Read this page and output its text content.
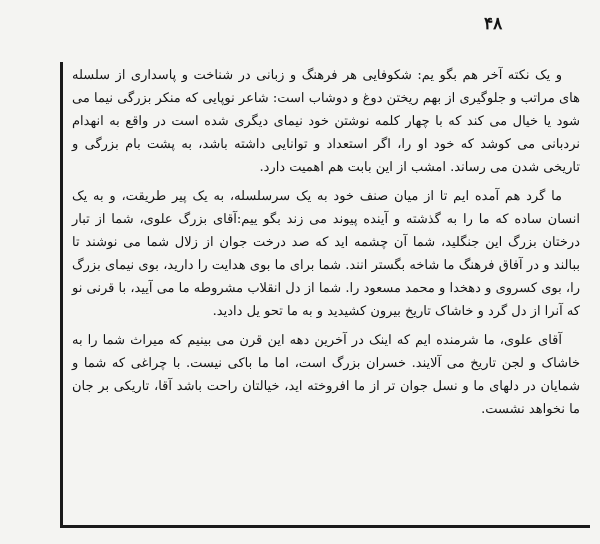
۴۸

و یک نکته آخر هم بگو یم: شکوفایی هر فرهنگ و زبانی در شناخت و پاسداری از سلسله های مراتب و جلوگیری از بهم ریختن دوغ و دوشاب است: شاعر نوپایی که منکر بزرگی نیما می شود یا خیال می کند که با چهار کلمه نوشتن خود نیمای دیگری شده است در واقع به انهدام نردبانی می کوشد که خود او را، اگر استعداد و توانایی داشته باشد، به پشت بام بزرگی و تاریخی شدن می رساند. امشب از این بابت هم اهمیت دارد.

ما گرد هم آمده ایم تا از میان صنف خود به یک سرسلسله، به یک پیر طریقت، و به یک انسان ساده که ما را به گذشته و آینده پیوند می زند بگو ییم:آقای بزرگ علوی، شما از تبار درختان بزرگ این جنگلید، شما آن چشمه اید که صد درخت جوان از زلال شما می نوشند تا ببالند و در آفاق فرهنگ ما شاخه بگستر انند. شما برای ما بوی هدایت را دارید، بوی نیمای بزرگ را، بوی کسروی و دهخدا و محمد مسعود را. شما از دل انقلاب مشروطه ما می آیید، با قرنی نو که آنرا از دل گرد و خاشاک تاریخ بیرون کشیدید و به ما تحو یل دادید.

آقای علوی، ما شرمنده ایم که اینک در آخرین دهه این قرن می بینیم که میراث شما را به خاشاک و لجن تاریخ می آلایند. خسران بزرگ است، اما ما باکی نیست. با چراغی که شما و شمایان در دلهای ما و نسل جوان تر از ما افروخته اید، خیالتان راحت باشد آقا، تاریکی بر جان ما نخواهد نشست.
